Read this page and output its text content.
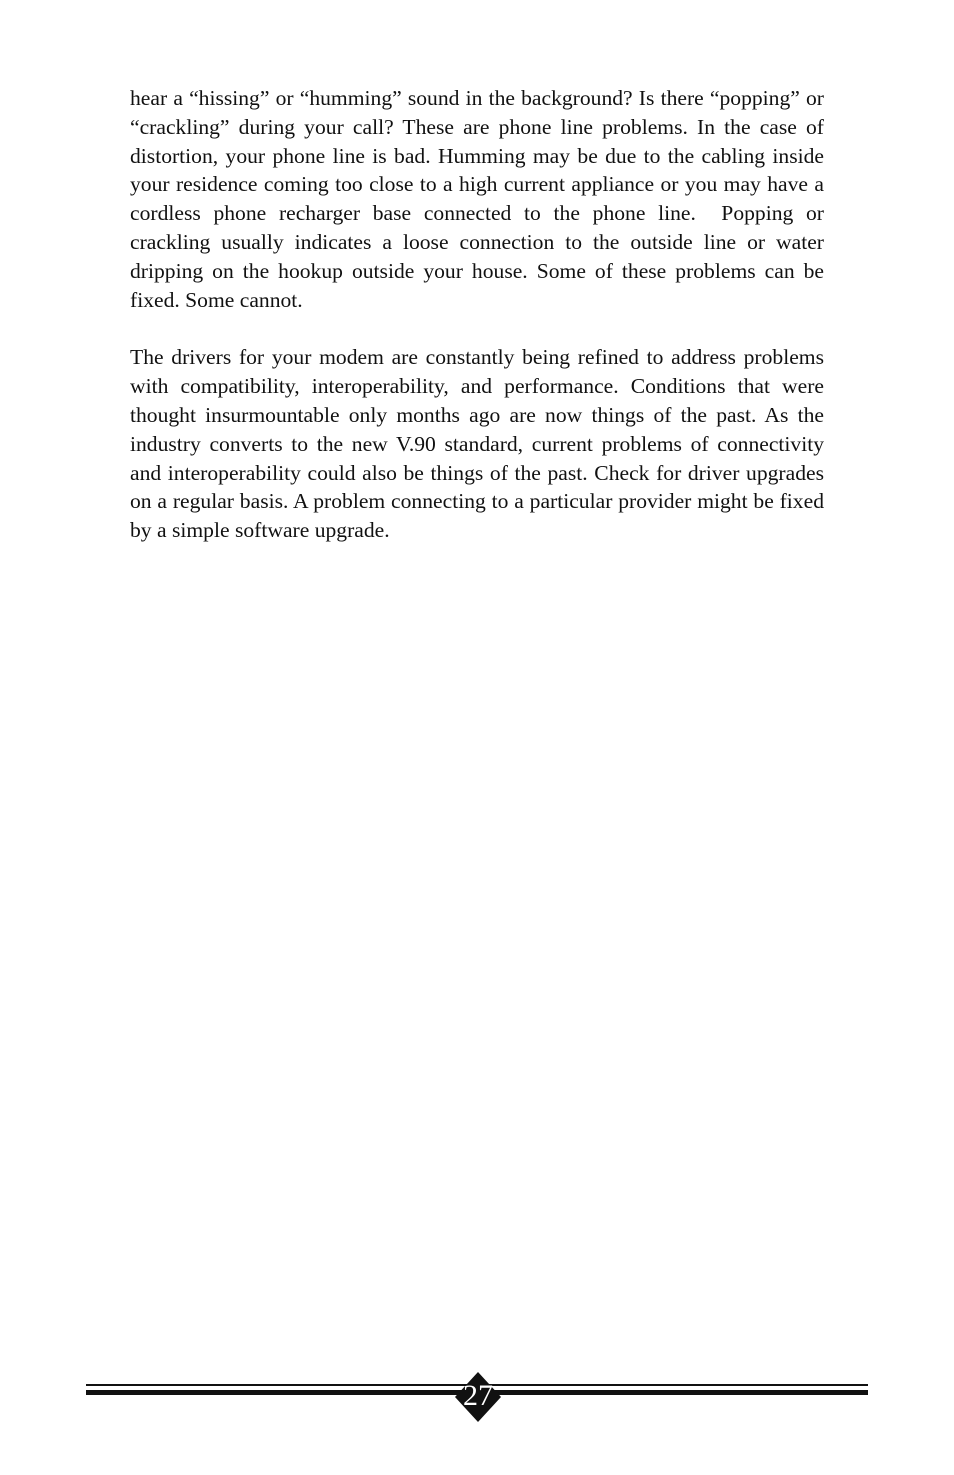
hear a “hissing” or “humming” sound in the background? Is there “popping” or “crackling” during your call? These are phone line problems. In the case of distortion, your phone line is bad. Humming may be due to the cabling inside your residence coming too close to a high current appliance or you may have a cordless phone recharger base connected to the phone line.  Popping or crackling usually indicates a loose connection to the outside line or water dripping on the hookup outside your house. Some of these problems can be fixed. Some cannot.

The drivers for your modem are constantly being refined to address problems with compatibility, interoperability, and performance. Conditions that were thought insurmountable only months ago are now things of the past. As the industry converts to the new V.90 standard, current problems of connectivity and interoperability could also be things of the past. Check for driver upgrades on a regular basis. A problem connecting to a particular provider might be fixed by a simple software upgrade.

27
